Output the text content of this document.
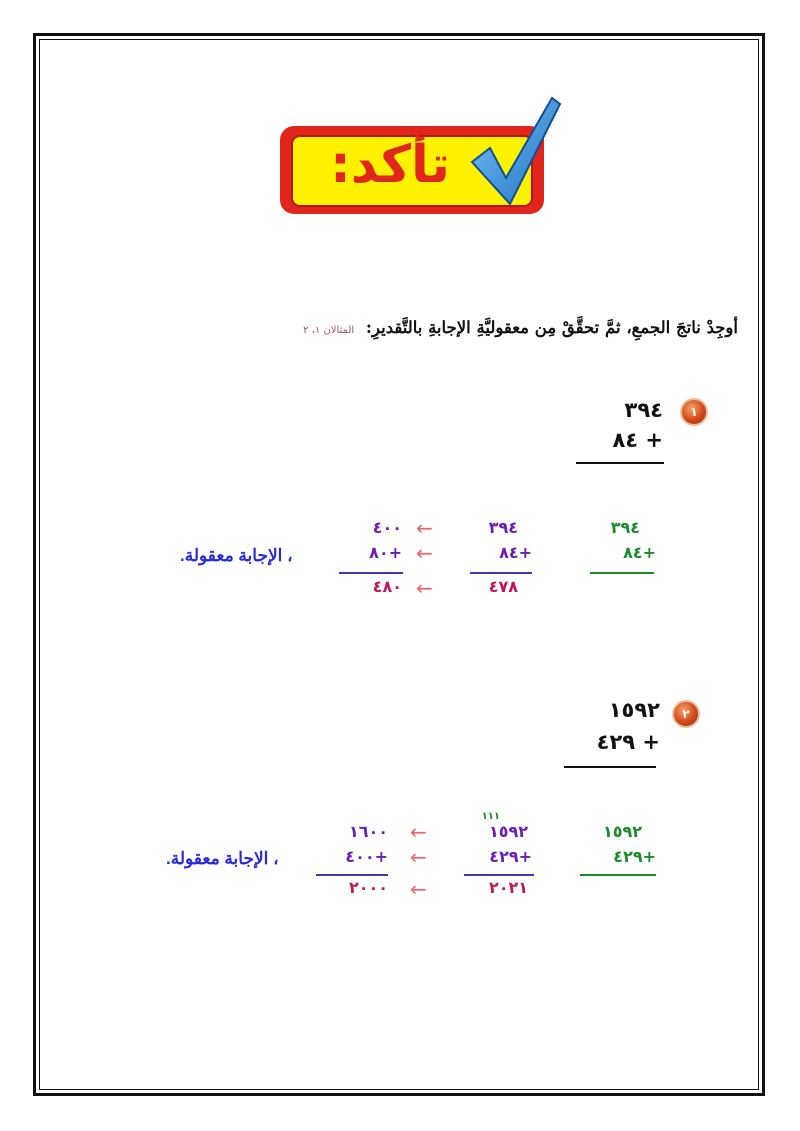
تأكد:
أوجِدْ ناتجَ الجمعِ، ثمَّ تحقَّقْ مِن معقوليَّةِ الإجابةِ بالتَّقديرِ: المثالان ١، ٢
١
٣٩٤
٨٤ +
٣٩٤
٨٤+
٣٩٤
٨٤+
٤٧٨
←
←
←
٤٠٠
٨٠+
٤٨٠
، الإجابة معقولة.
٢
١٥٩٢
٤٢٩ +
١٥٩٢
٤٢٩+
١١١
١٥٩٢
٤٢٩+
٢٠٢١
←
←
←
١٦٠٠
٤٠٠+
٢٠٠٠
، الإجابة معقولة.
